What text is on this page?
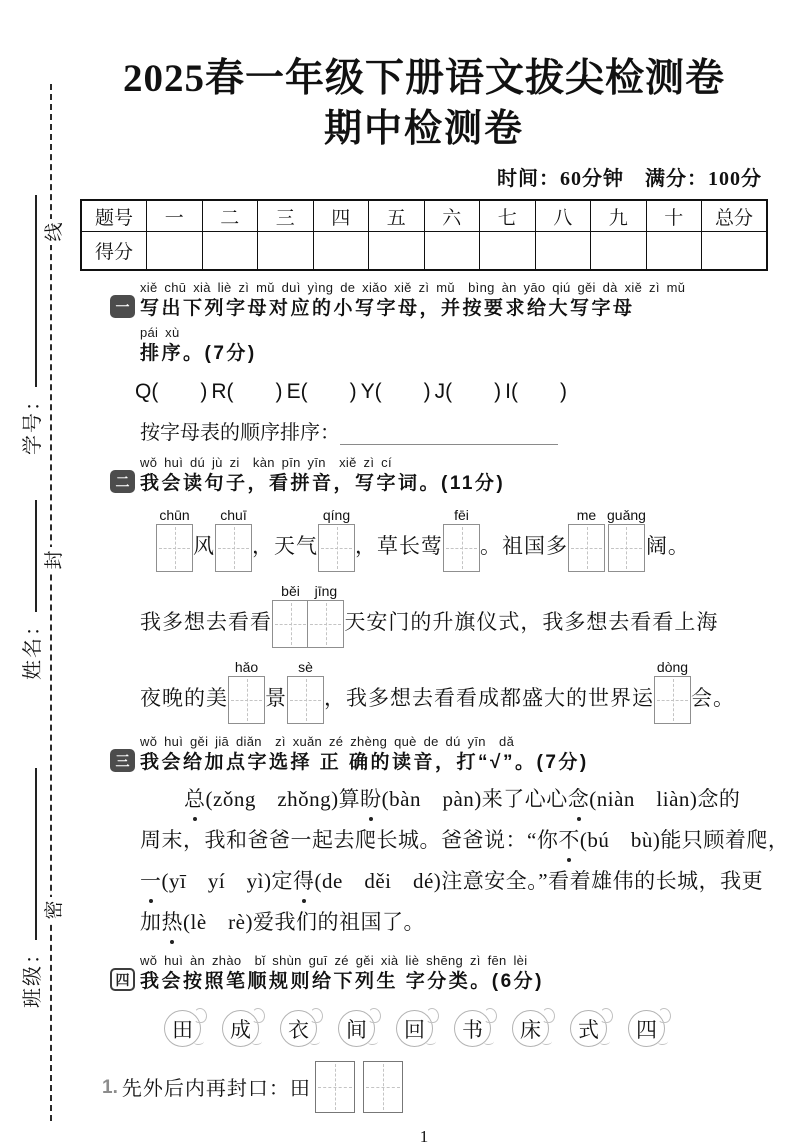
线
封
密
学号：
姓名：
班级：
2025春一年级下册语文拔尖检测卷
期中检测卷
时间：60分钟　满分：100分
题号	一	二	三	四	五	六	七	八	九	十	总分
得分											
一
xiě chū xià liè zì mǔ duì yìng de xiǎo xiě zì mǔ　bìng àn yāo qiú gěi dà xiě zì mǔ
写出下列字母对应的小写字母，并按要求给大写字母
pái xù
排序。(7分)
Q( ) R( ) E( ) Y( ) J( ) I( )
按字母表的顺序排序：
二
wǒ huì dú jù zi　kàn pīn yīn　xiě zì cí
我会读句子，看拼音，写字词。(11分)
chūn
风
chuī
，天气
qíng
，草长莺
fēi
。祖国多
me guǎng
阔。
我多想去看看
běi jīng
天安门的升旗仪式，我多想去看看上海
夜晚的美
hǎo
景
sè
，我多想去看看成都盛大的世界运
dòng
会。
三
wǒ huì gěi jiā diǎn　zì xuǎn zé zhèng què de dú yīn　dǎ
我会给加点字选择 正 确的读音，打“√”。(7分)
总(zǒng　zhǒng)算盼(bàn　pàn)来了心心念(niàn　liàn)念的
周末，我和爸爸一起去爬长城。爸爸说：“你不(bú　bù)能只顾着爬，
一(yī　yí　yì)定得(de　děi　dé)注意安全。”看着雄伟的长城，我更
加热(lè　rè)爱我们的祖国了。
四
wǒ huì àn zhào　bǐ shùn guī zé gěi xià liè shēng zì fēn lèi
我会按照笔顺规则给下列生 字分类。(6分)
田 成 衣 间 回 书 床 式 四
1. 先外后内再封口：田
1
